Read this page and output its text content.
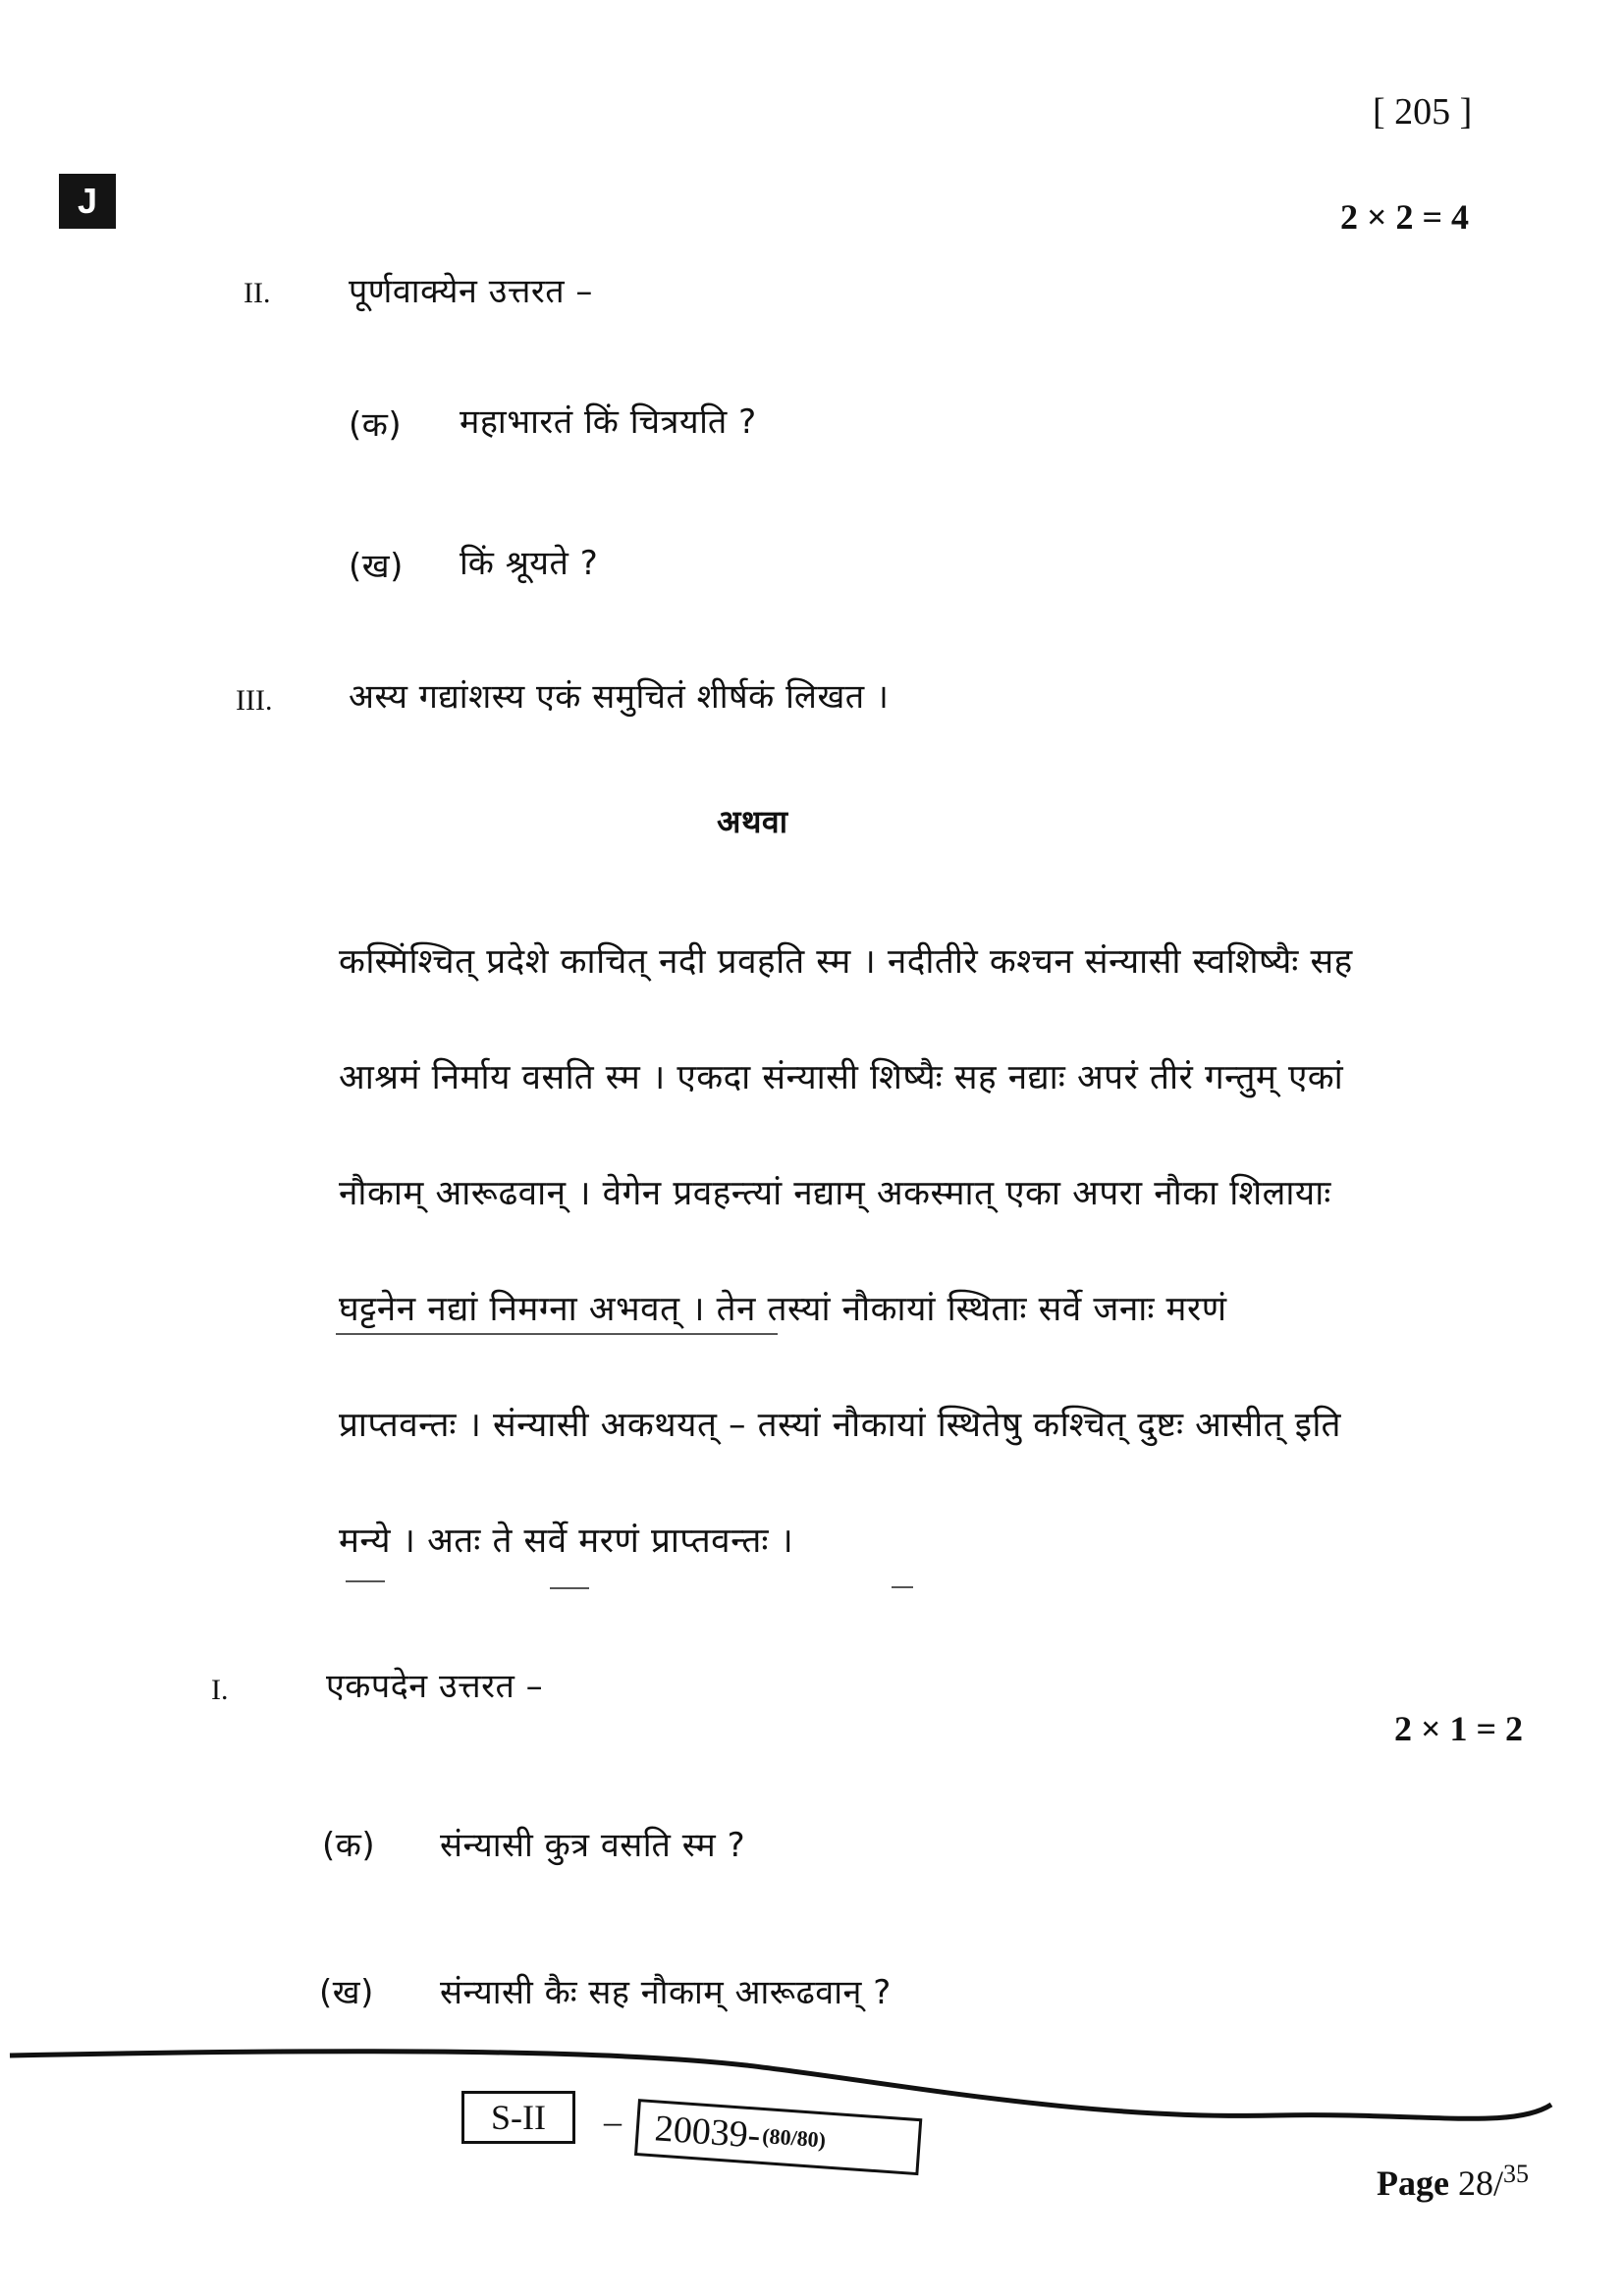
J
[ 205 ]
2 × 2 = 4
II. पूर्णवाक्येन उत्तरत –
(क) महाभारतं किं चित्रयति ?
(ख) किं श्रूयते ?
III. अस्य गद्यांशस्य एकं समुचितं शीर्षकं लिखत ।
अथवा
कस्मिंश्चित् प्रदेशे काचित् नदी प्रवहति स्म । नदीतीरे कश्चन संन्यासी स्वशिष्यैः सह
आश्रमं निर्माय वसति स्म । एकदा संन्यासी शिष्यैः सह नद्याः अपरं तीरं गन्तुम् एकां
नौकाम् आरूढवान् । वेगेन प्रवहन्त्यां नद्याम् अकस्मात् एका अपरा नौका शिलायाः
घट्टनेन नद्यां निमग्ना अभवत् । तेन तस्यां नौकायां स्थिताः सर्वे जनाः मरणं
प्राप्तवन्तः । संन्यासी अकथयत् – तस्यां नौकायां स्थितेषु कश्चित् दुष्टः आसीत् इति
मन्ये । अतः ते सर्वे मरणं प्राप्तवन्तः ।
I.	एकपदेन उत्तरत –
2 × 1 = 2
(क) संन्यासी कुत्र वसति स्म ?
(ख) संन्यासी कैः सह नौकाम् आरूढवान् ?
S-II	– 20039- (80/80)
Page 28/$^{35}$
